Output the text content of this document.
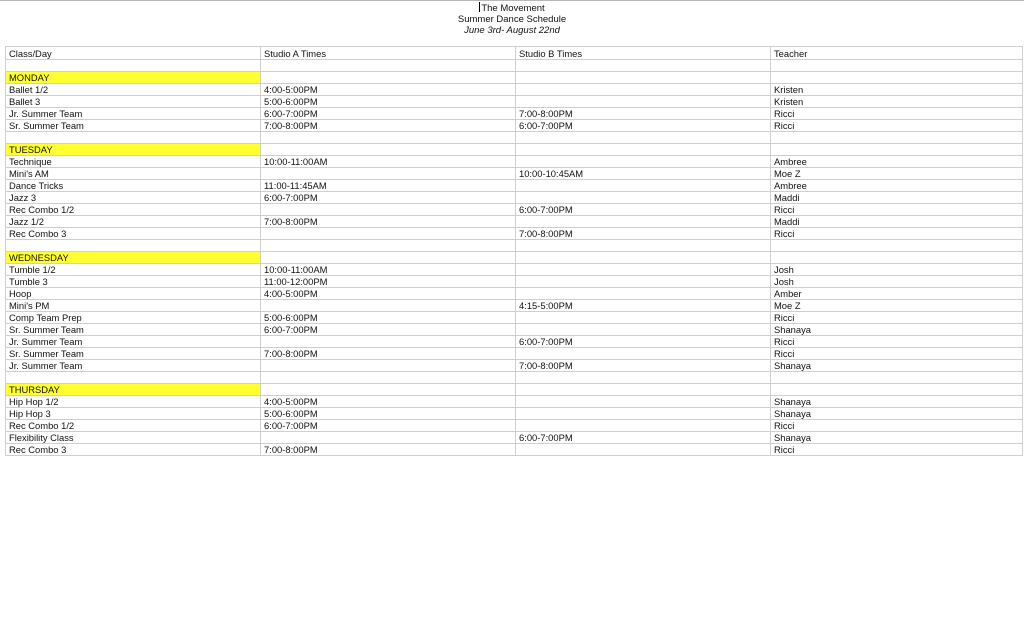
The Movement
Summer Dance Schedule
June 3rd- August 22nd
Class/Day	Studio A Times	Studio B Times	Teacher

MONDAY			
Ballet 1/2	4:00-5:00PM		Kristen
Ballet 3	5:00-6:00PM		Kristen
Jr. Summer Team	6:00-7:00PM	7:00-8:00PM	Ricci
Sr. Summer Team	7:00-8:00PM	6:00-7:00PM	Ricci

TUESDAY			
Technique	10:00-11:00AM		Ambree
Mini's AM		10:00-10:45AM	Moe Z
Dance Tricks	11:00-11:45AM		Ambree
Jazz 3	6:00-7:00PM		Maddi
Rec Combo 1/2		6:00-7:00PM	Ricci
Jazz 1/2	7:00-8:00PM		Maddi
Rec Combo 3		7:00-8:00PM	Ricci

WEDNESDAY			
Tumble 1/2	10:00-11:00AM		Josh
Tumble 3	11:00-12:00PM		Josh
Hoop	4:00-5:00PM		Amber
Mini's PM		4:15-5:00PM	Moe Z
Comp Team Prep	5:00-6:00PM		Ricci
Sr. Summer Team	6:00-7:00PM		Shanaya
Jr. Summer Team		6:00-7:00PM	Ricci
Sr. Summer Team	7:00-8:00PM		Ricci
Jr. Summer Team		7:00-8:00PM	Shanaya

THURSDAY			
Hip Hop 1/2	4:00-5:00PM		Shanaya
Hip Hop 3	5:00-6:00PM		Shanaya
Rec Combo 1/2	6:00-7:00PM		Ricci
Flexibility Class		6:00-7:00PM	Shanaya
Rec Combo 3	7:00-8:00PM		Ricci
